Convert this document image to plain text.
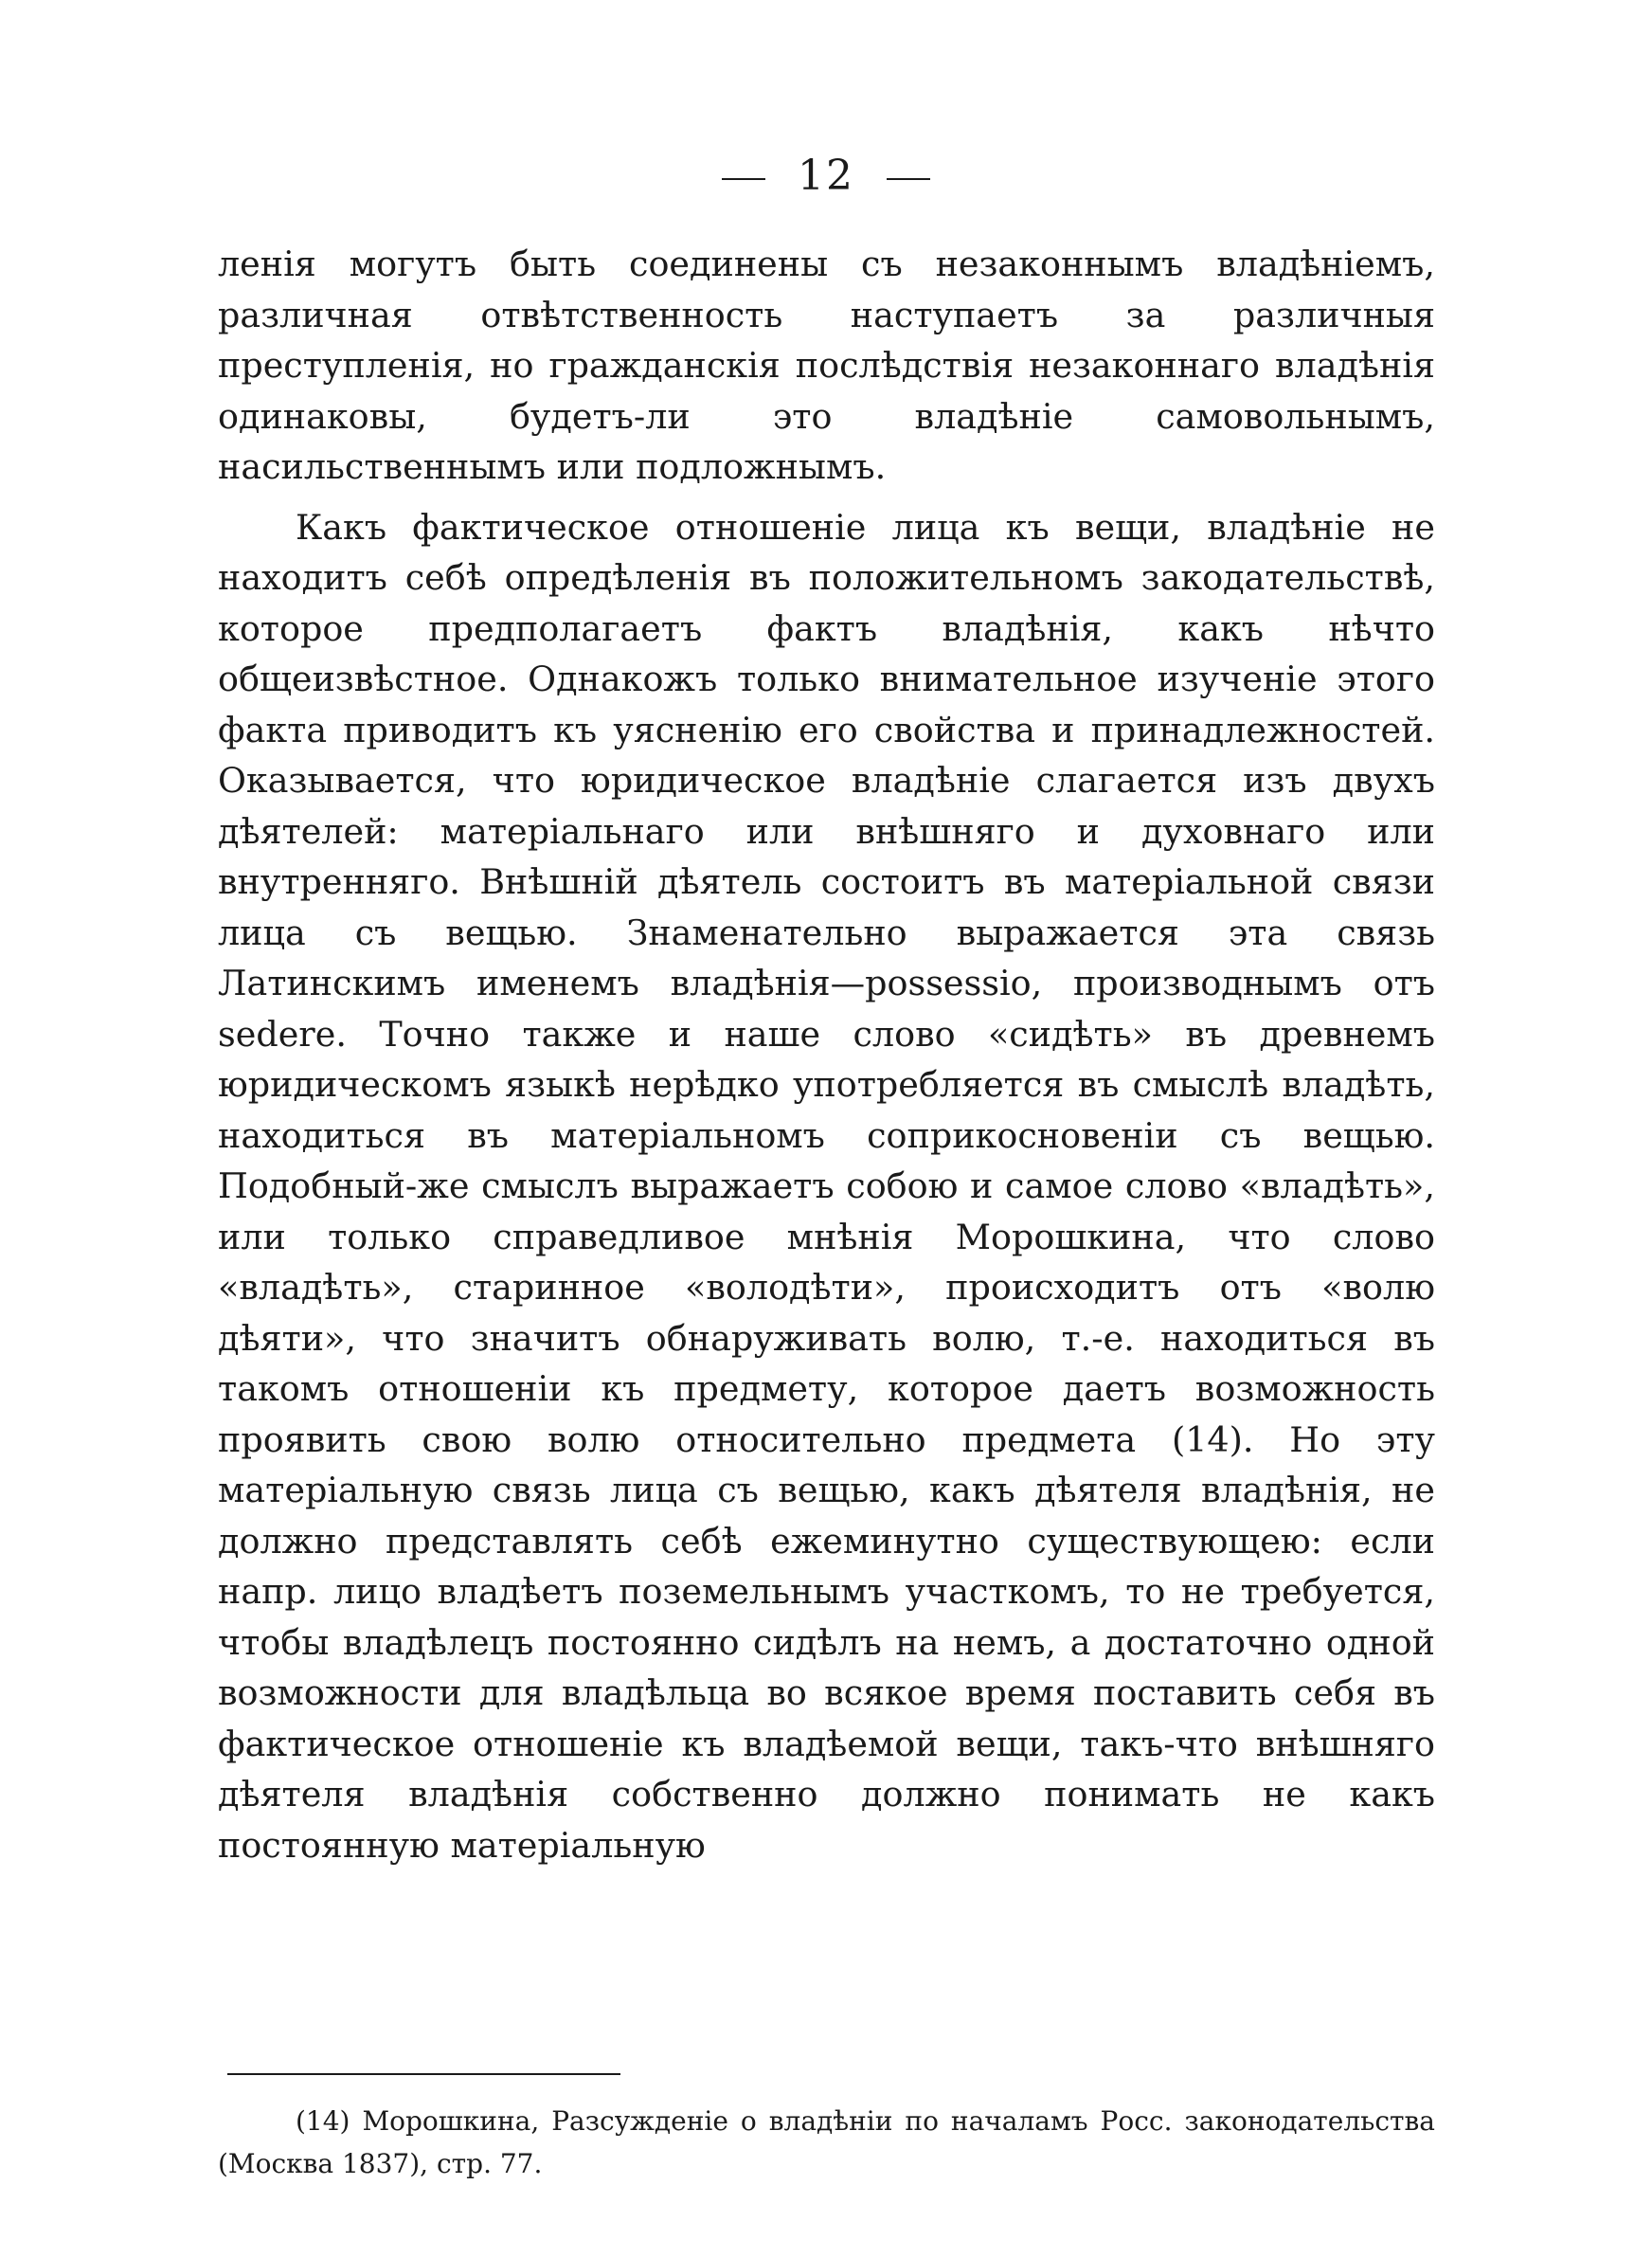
12

ленія могутъ быть соединены съ незаконнымъ владѣніемъ, различная отвѣтственность наступаетъ за различныя преступленія, но гражданскія послѣдствія незаконнаго владѣнія одинаковы, будетъ-ли это владѣніе самовольнымъ, насильственнымъ или подложнымъ.

Какъ фактическое отношеніе лица къ вещи, владѣніе не находитъ себѣ опредѣленія въ положительномъ закодательствѣ, которое предполагаетъ фактъ владѣнія, какъ нѣчто общеизвѣстное. Однакожъ только внимательное изученіе этого факта приводитъ къ уясненію его свойства и принадлежностей. Оказывается, что юридическое владѣніе слагается изъ двухъ дѣятелей: матеріальнаго или внѣшняго и духовнаго или внутренняго. Внѣшній дѣятель состоитъ въ матеріальной связи лица съ вещью. Знаменательно выражается эта связь Латинскимъ именемъ владѣнія—possessio, производнымъ отъ sedere. Точно также и наше слово «сидѣть» въ древнемъ юридическомъ языкѣ нерѣдко употребляется въ смыслѣ владѣть, находиться въ матеріальномъ соприкосновеніи съ вещью. Подобный-же смыслъ выражаетъ собою и самое слово «владѣть», или только справедливое мнѣнія Морошкина, что слово «владѣть», старинное «володѣти», происходитъ отъ «волю дѣяти», что значитъ обнаруживать волю, т.-е. находиться въ такомъ отношеніи къ предмету, которое даетъ возможность проявить свою волю относительно предмета (14). Но эту матеріальную связь лица съ вещью, какъ дѣятеля владѣнія, не должно представлять себѣ ежеминутно существующею: если напр. лицо владѣетъ поземельнымъ участкомъ, то не требуется, чтобы владѣлецъ постоянно сидѣлъ на немъ, а достаточно одной возможности для владѣльца во всякое время поставить себя въ фактическое отношеніе къ владѣемой вещи, такъ-что внѣшняго дѣятеля владѣнія собственно должно понимать не какъ постоянную матеріальную

(14) Морошкина, Разсужденіе о владѣніи по началамъ Росс. законодательства (Москва 1837), стр. 77.
